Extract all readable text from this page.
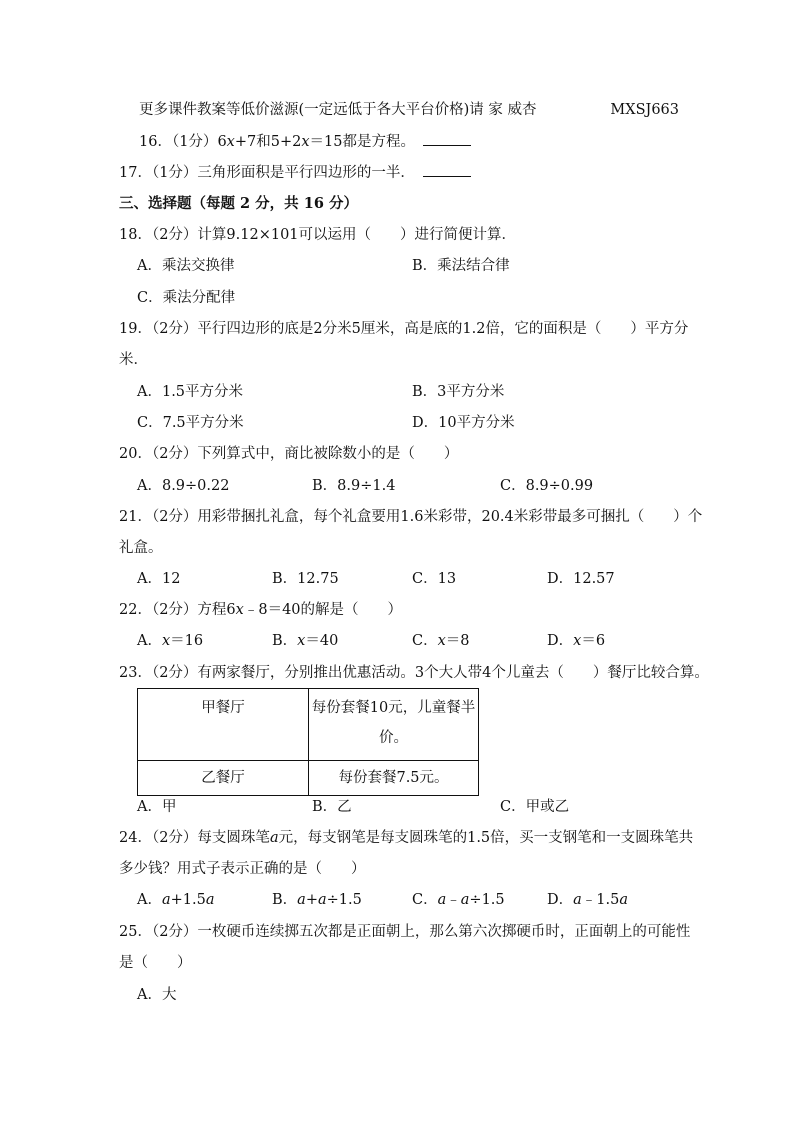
更多课件教案等低价滋源(一定远低于各大平台价格)请 家 威杏	MXSJ663
16．（1分）6x+7和5+2x＝15都是方程。
17．（1分）三角形面积是平行四边形的一半．
三、选择题（每题 2 分，共 16 分）
18．（2分）计算9.12×101可以运用（　　）进行简便计算．
A．乘法交换律	B．乘法结合律
C．乘法分配律
19．（2分）平行四边形的底是2分米5厘米，高是底的1.2倍，它的面积是（　　）平方分
米．
A．1.5平方分米	B．3平方分米
C．7.5平方分米	D．10平方分米
20．（2分）下列算式中，商比被除数小的是（　　）
A．8.9÷0.22	B．8.9÷1.4	C．8.9÷0.99
21．（2分）用彩带捆扎礼盒，每个礼盒要用1.6米彩带，20.4米彩带最多可捆扎（　　）个
礼盒。
A．12	B．12.75	C．13	D．12.57
22．（2分）方程6x﹣8＝40的解是（　　）
A．x＝16	B．x＝40	C．x＝8	D．x＝6
23．（2分）有两家餐厅，分别推出优惠活动。3个大人带4个儿童去（　　）餐厅比较合算。
甲餐厅	每份套餐10元，儿童餐半
价。

乙餐厅	每份套餐7.5元。
A．甲	B．乙	C．甲或乙
24．（2分）每支圆珠笔a元，每支钢笔是每支圆珠笔的1.5倍，买一支钢笔和一支圆珠笔共
多少钱？用式子表示正确的是（　　）
A．a+1.5a	B．a+a÷1.5	C．a﹣a÷1.5	D．a﹣1.5a
25．（2分）一枚硬币连续掷五次都是正面朝上，那么第六次掷硬币时，正面朝上的可能性
是（　　）
A．大
